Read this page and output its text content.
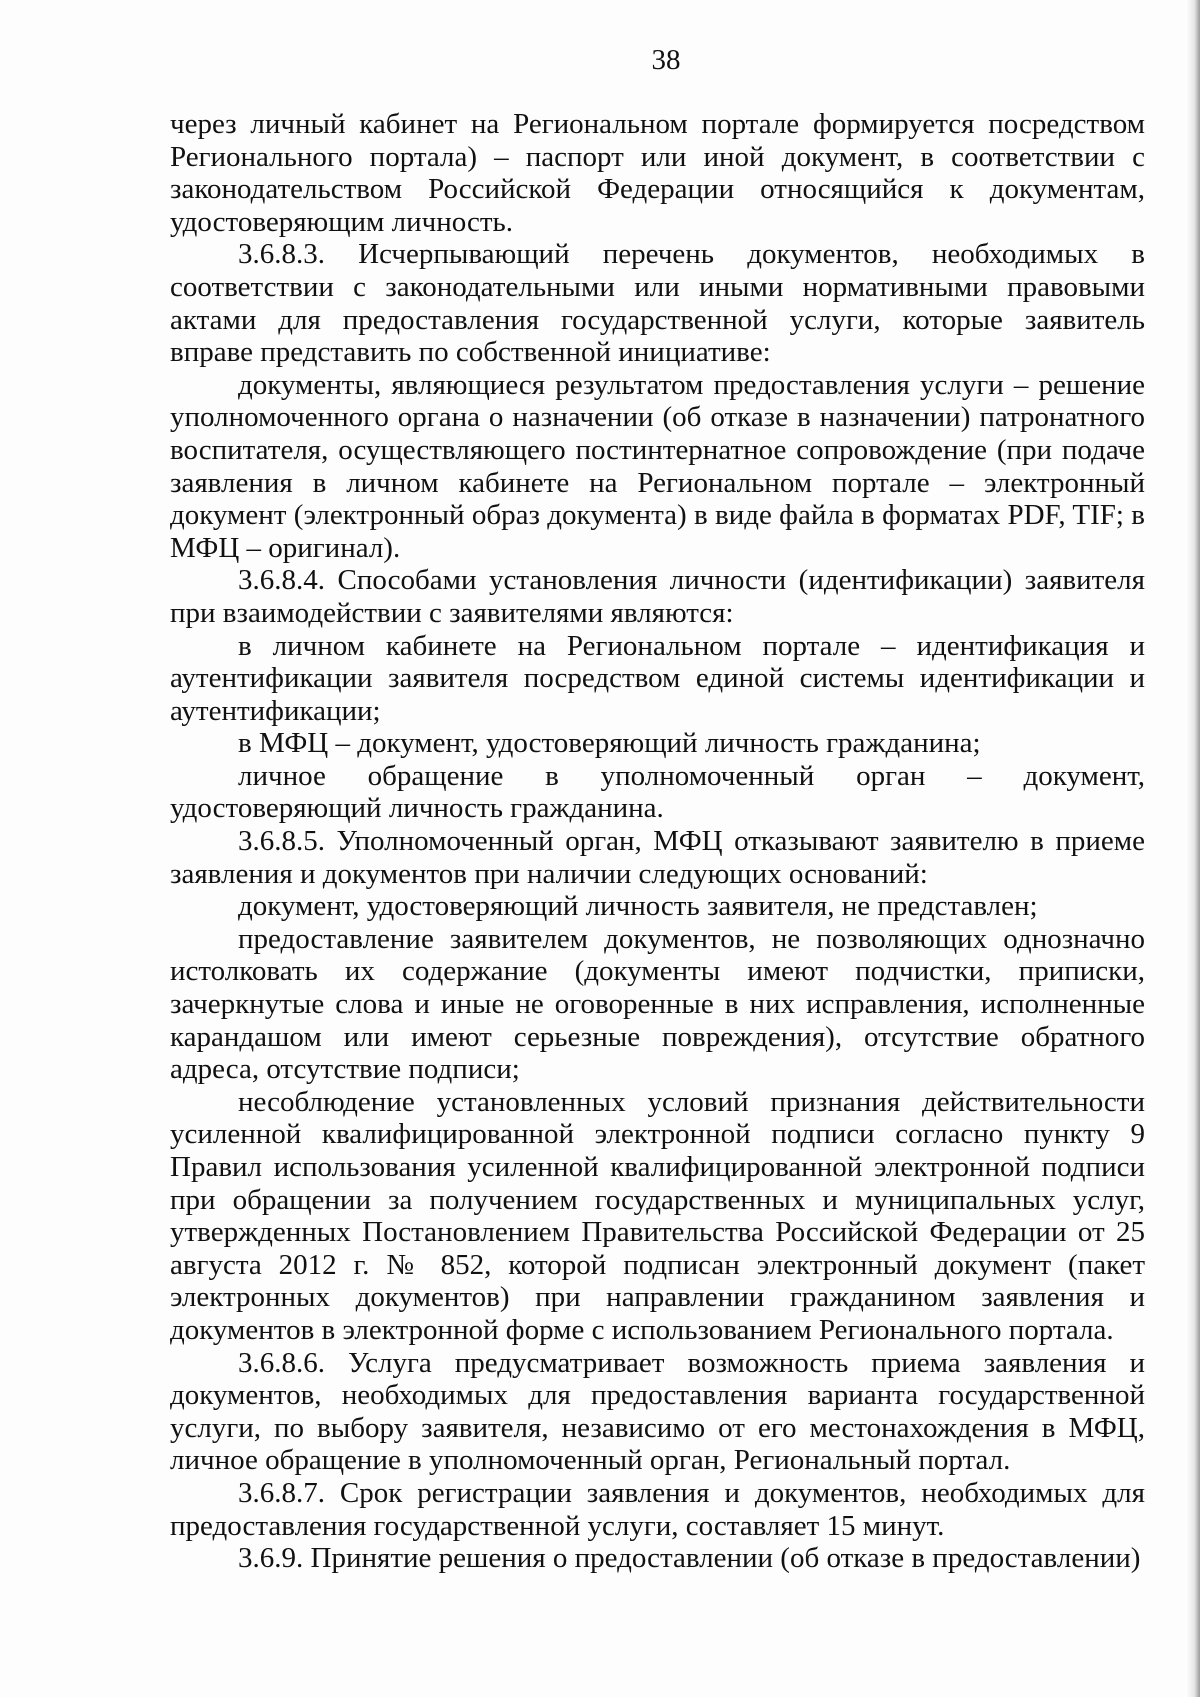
38

через личный кабинет на Региональном портале формируется посредством Регионального портала) – паспорт или иной документ, в соответствии с законодательством Российской Федерации относящийся к документам, удостоверяющим личность.

3.6.8.3. Исчерпывающий перечень документов, необходимых в соответствии с законодательными или иными нормативными правовыми актами для предоставления государственной услуги, которые заявитель вправе представить по собственной инициативе:

документы, являющиеся результатом предоставления услуги – решение уполномоченного органа о назначении (об отказе в назначении) патронатного воспитателя, осуществляющего постинтернатное сопровождение (при подаче заявления в личном кабинете на Региональном портале – электронный документ (электронный образ документа) в виде файла в форматах PDF, TIF; в МФЦ – оригинал).

3.6.8.4. Способами установления личности (идентификации) заявителя при взаимодействии с заявителями являются:

в личном кабинете на Региональном портале – идентификация и аутентификации заявителя посредством единой системы идентификации и аутентификации;

в МФЦ – документ, удостоверяющий личность гражданина;

личное обращение в уполномоченный орган – документ, удостоверяющий личность гражданина.

3.6.8.5. Уполномоченный орган, МФЦ отказывают заявителю в приеме заявления и документов при наличии следующих оснований:

документ, удостоверяющий личность заявителя, не представлен;

предоставление заявителем документов, не позволяющих однозначно истолковать их содержание (документы имеют подчистки, приписки, зачеркнутые слова и иные не оговоренные в них исправления, исполненные карандашом или имеют серьезные повреждения), отсутствие обратного адреса, отсутствие подписи;

несоблюдение установленных условий признания действительности усиленной квалифицированной электронной подписи согласно пункту 9 Правил использования усиленной квалифицированной электронной подписи при обращении за получением государственных и муниципальных услуг, утвержденных Постановлением Правительства Российской Федерации от 25 августа 2012 г. № 852, которой подписан электронный документ (пакет электронных документов) при направлении гражданином заявления и документов в электронной форме с использованием Регионального портала.

3.6.8.6. Услуга предусматривает возможность приема заявления и документов, необходимых для предоставления варианта государственной услуги, по выбору заявителя, независимо от его местонахождения в МФЦ, личное обращение в уполномоченный орган, Региональный портал.

3.6.8.7. Срок регистрации заявления и документов, необходимых для предоставления государственной услуги, составляет 15 минут.

3.6.9. Принятие решения о предоставлении (об отказе в предоставлении)
